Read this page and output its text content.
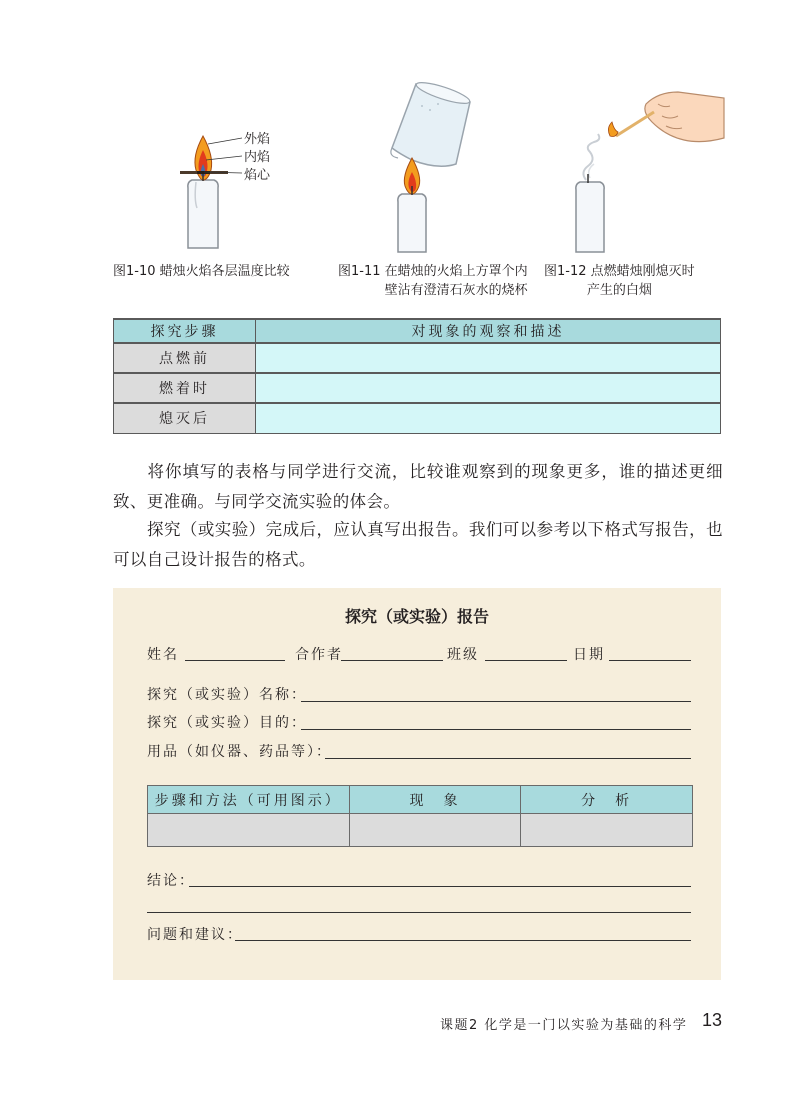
外焰
内焰
焰心
图1-10 蜡烛火焰各层温度比较	图1-11 在蜡烛的火焰上方罩个内
壁沾有澄清石灰水的烧杯
图1-12 点燃蜡烛刚熄灭时
产生的白烟
探究步骤	对现象的观察和描述
点燃前	
燃着时	
熄灭后	
将你填写的表格与同学进行交流，比较谁观察到的现象更多，谁的描述更细致、更准确。与同学交流实验的体会。
探究（或实验）完成后，应认真写出报告。我们可以参考以下格式写报告，也可以自己设计报告的格式。
探究（或实验）报告
姓名	合作者	班级	日期
探究（或实验）名称：
探究（或实验）目的：
用品（如仪器、药品等）：
步骤和方法（可用图示）	现　象	分　析

结论：
问题和建议：
课题2 化学是一门以实验为基础的科学 13
